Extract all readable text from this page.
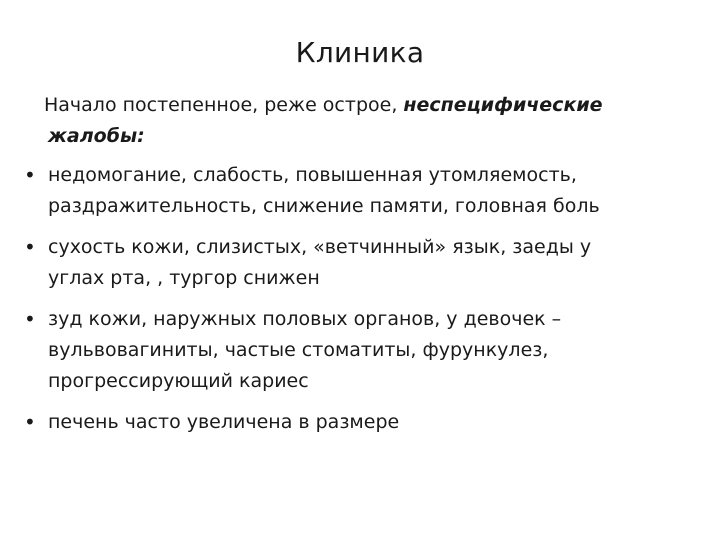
Клиника
Начало постепенное, реже острое, неспецифические
жалобы:
• недомогание, слабость, повышенная утомляемость,
раздражительность, снижение памяти, головная боль
• сухость кожи, слизистых, «ветчинный» язык, заеды у
углах рта, , тургор снижен
• зуд кожи, наружных половых органов, у девочек –
вульвовагиниты, частые стоматиты, фурункулез,
прогрессирующий кариес
• печень часто увеличена в размере
